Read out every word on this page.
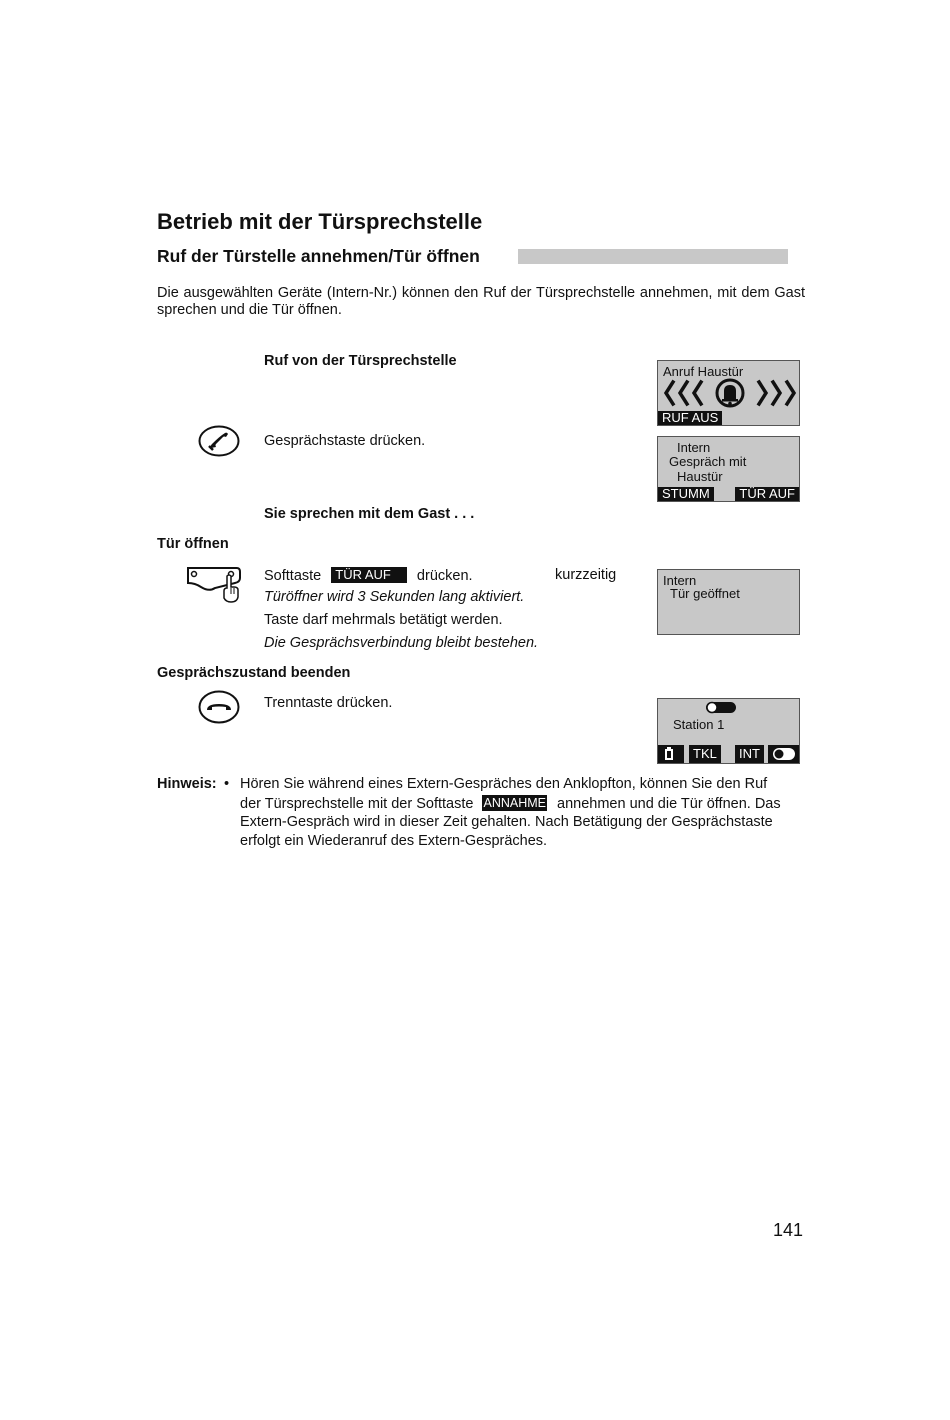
Betrieb mit der Türsprechstelle
Ruf der Türstelle annehmen/Tür öffnen
Die ausgewählten Geräte (Intern-Nr.) können den Ruf der Türsprechstelle annehmen, mit dem Gast sprechen und die Tür öffnen.
Ruf von der Türsprechstelle
Anruf Haustür
RUF AUS
Gesprächstaste drücken.	Intern
Gespräch mit
Haustür
STUMM	TÜR AUF
Sie sprechen mit dem Gast . . .
Tür öffnen
Softtaste TÜR AUF drücken.	kurzzeitig
Türöffner wird 3 Sekunden lang aktiviert.
Taste darf mehrmals betätigt werden.
Die Gesprächsverbindung bleibt bestehen.
Intern
Tür geöffnet
Gesprächszustand beenden
Trenntaste drücken.
Station 1
TKL	INT
Hinweis: • Hören Sie während eines Extern-Gespräches den Anklopfton, können Sie den Ruf
der Türsprechstelle mit der Softtaste ANNAHME annehmen und die Tür öffnen. Das
Extern-Gespräch wird in dieser Zeit gehalten. Nach Betätigung der Gesprächstaste
erfolgt ein Wiederanruf des Extern-Gespräches.
141
